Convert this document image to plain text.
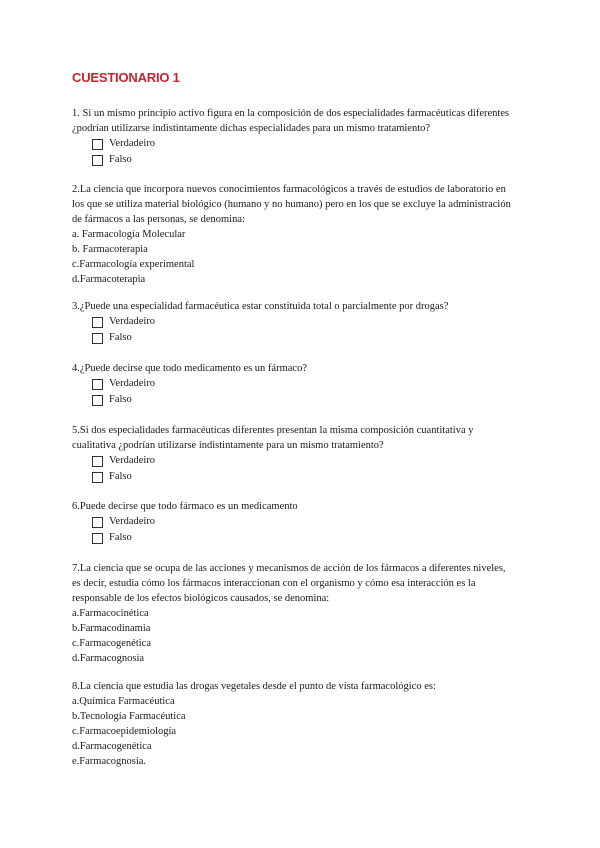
CUESTIONARIO 1

1. Si un mismo principio activo figura en la composición de dos especialidades farmacéuticas diferentes ¿podrían utilizarse indistintamente dichas especialidades para un mismo tratamiento?

Verdadeiro
Falso

2.La ciencia que incorpora nuevos conocimientos farmacológicos a través de estudios de laboratorio en los que se utiliza material biológico (humano y no humano) pero en los que se excluye la administración de fármacos a las personas, se denomina:

a. Farmacología Molecular
b. Farmacoterapia
c.Farmacología experimental
d.Farmacoterapia

3.¿Puede una especialidad farmacéutica estar constituida total o parcialmente por drogas?

Verdadeiro
Falso

4.¿Puede decirse que todo medicamento es un fármaco?

Verdadeiro
Falso

5.Si dos especialidades farmacéuticas diferentes presentan la misma composición cuantitativa y cualitativa ¿podrían utilizarse indistintamente para un mismo tratamiento?

Verdadeiro
Falso

6.Puede decirse que todo fármaco es un medicamento

Verdadeiro
Falso

7.La ciencia que se ocupa de las acciones y mecanismos de acción de los fármacos a diferentes niveles, es decir, estudia cómo los fármacos interaccionan con el organismo y cómo esa interacción es la responsable de los efectos biológicos causados, se denomina:

a.Farmacocinética
b.Farmacodinamia
c.Farmacogenética
d.Farmacognosia

8.La ciencia que estudia las drogas vegetales desde el punto de vista farmacológico es:

a.Química Farmacéutica
b.Tecnología Farmacéutica
c.Farmacoepidemiología
d.Farmacogenética
e.Farmacognosia.
